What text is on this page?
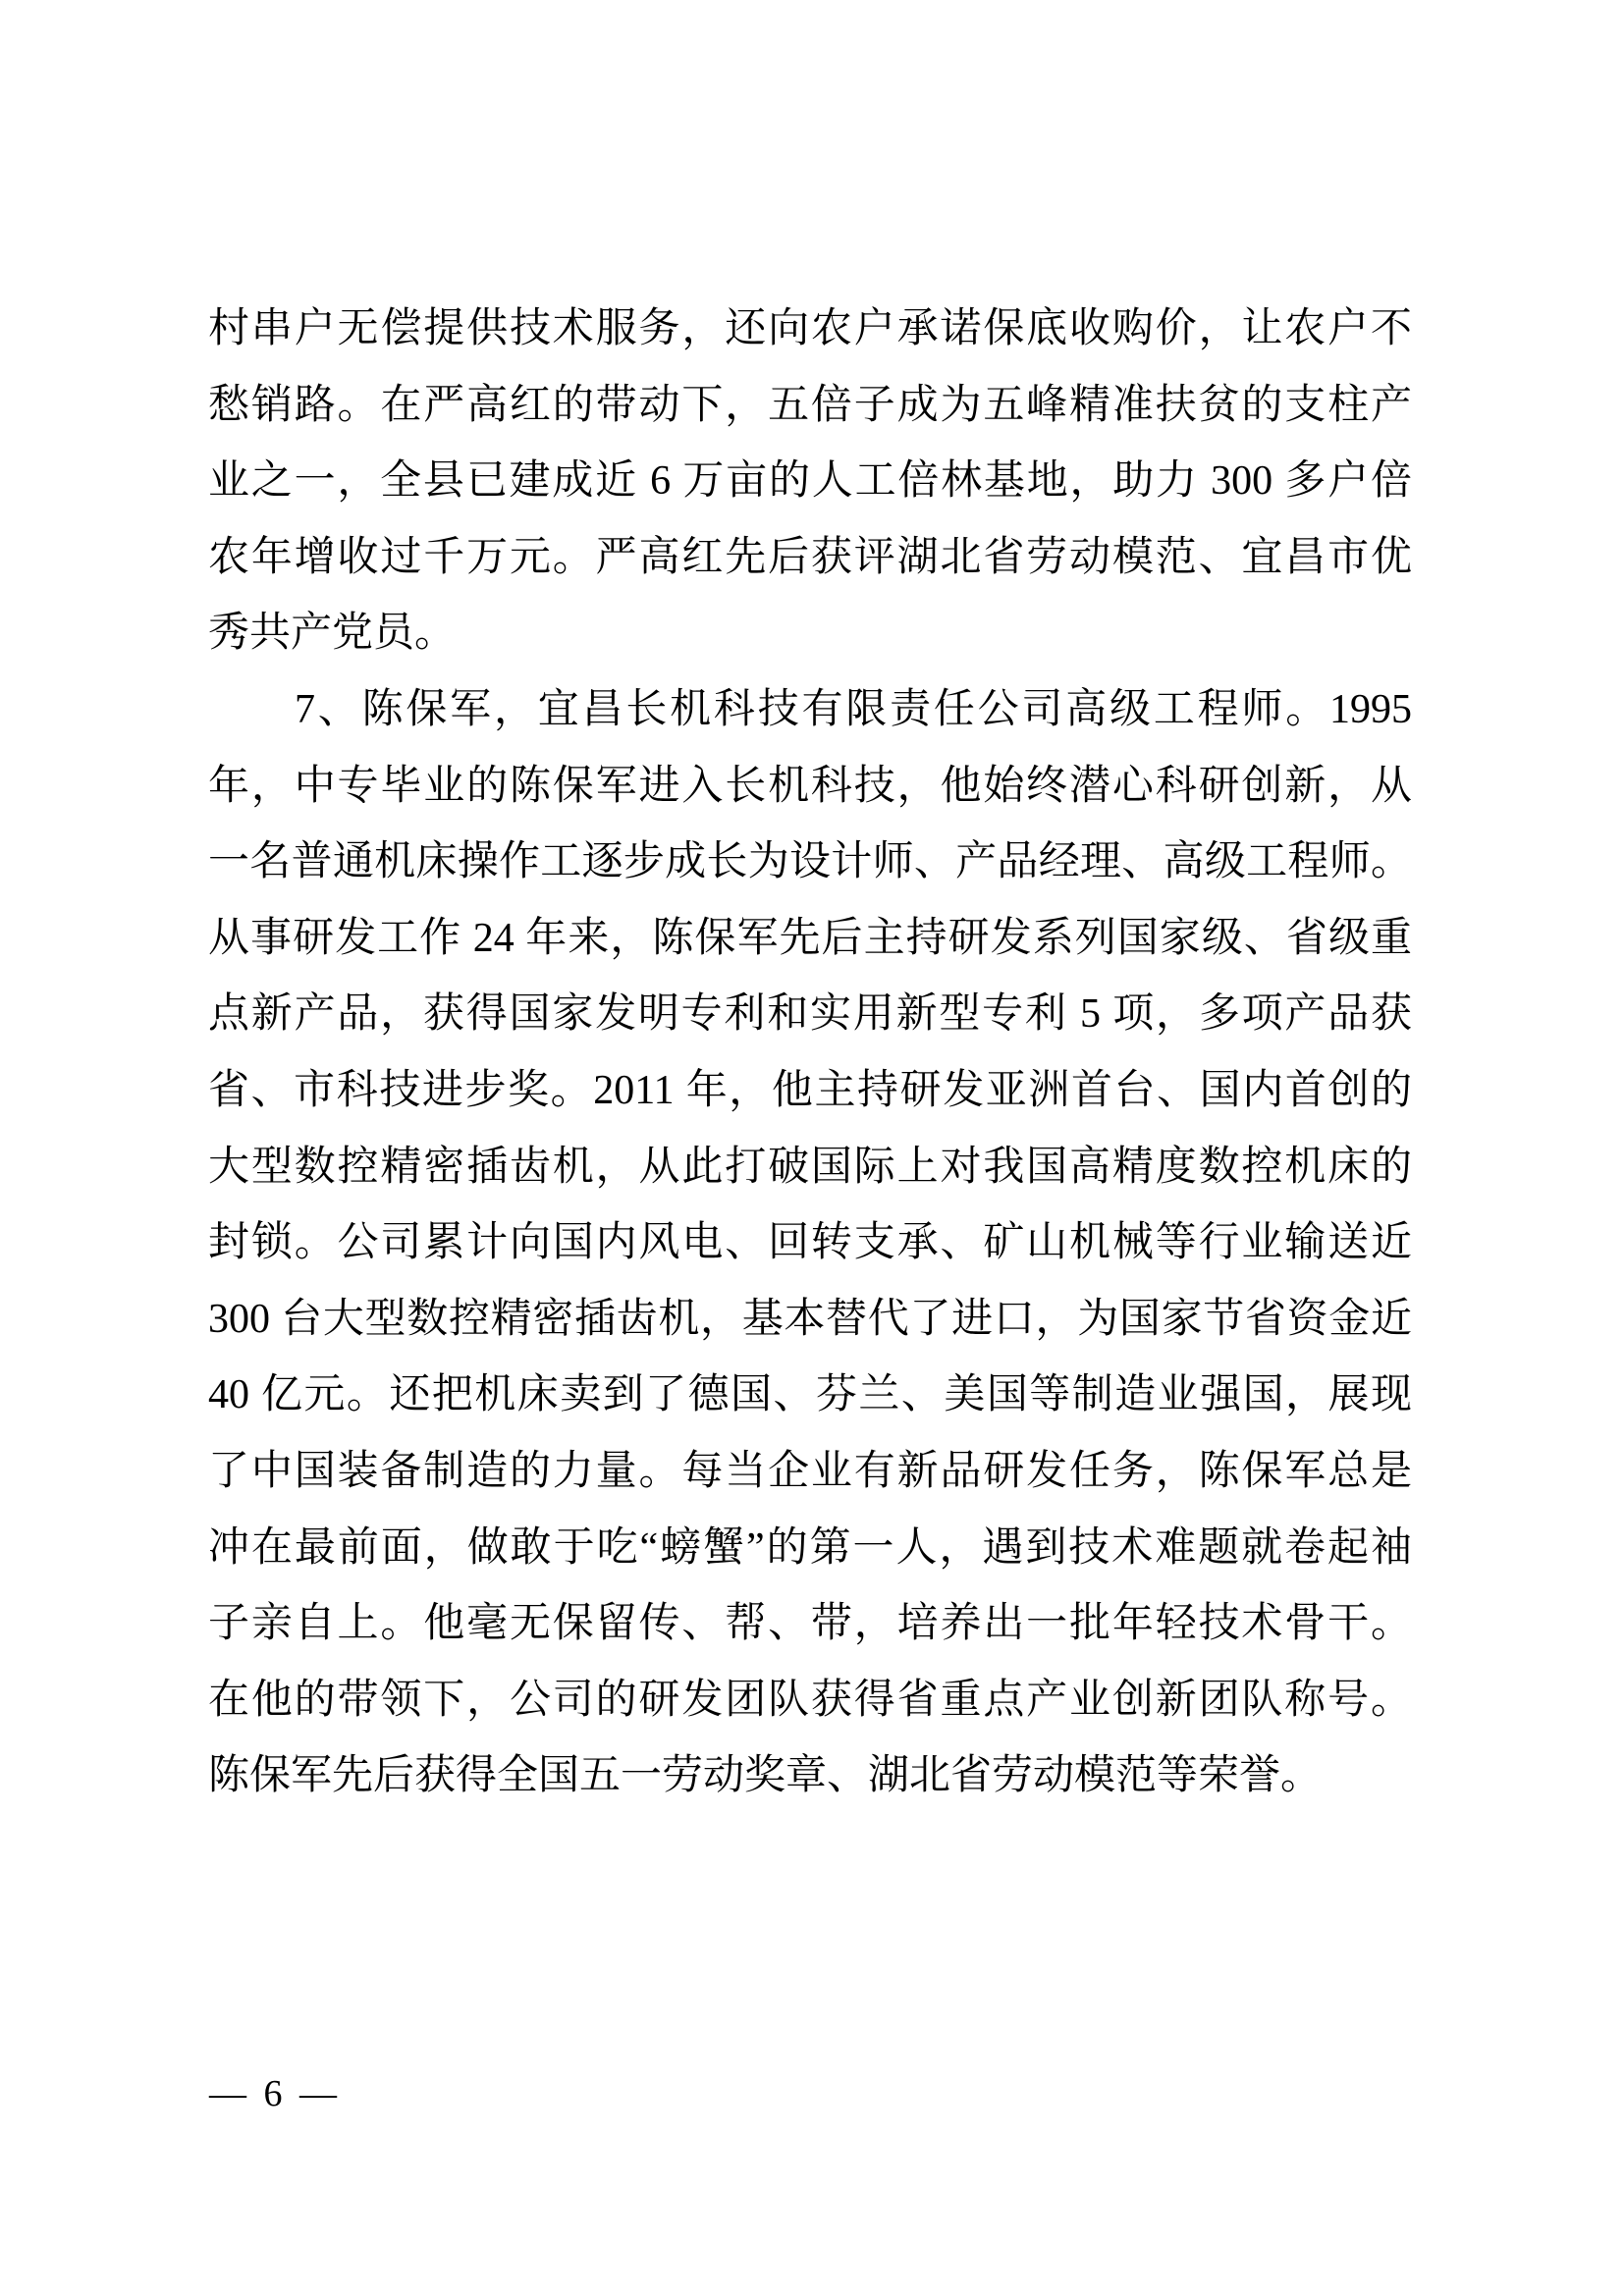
村串户无偿提供技术服务，还向农户承诺保底收购价，让农户不
愁销路。在严高红的带动下，五倍子成为五峰精准扶贫的支柱产
业之一，全县已建成近 6 万亩的人工倍林基地，助力 300 多户倍
农年增收过千万元。严高红先后获评湖北省劳动模范、宜昌市优
秀共产党员。
7、陈保军，宜昌长机科技有限责任公司高级工程师。1995
年，中专毕业的陈保军进入长机科技，他始终潜心科研创新，从
一名普通机床操作工逐步成长为设计师、产品经理、高级工程师。
从事研发工作 24 年来，陈保军先后主持研发系列国家级、省级重
点新产品，获得国家发明专利和实用新型专利 5 项，多项产品获
省、市科技进步奖。2011 年，他主持研发亚洲首台、国内首创的
大型数控精密插齿机，从此打破国际上对我国高精度数控机床的
封锁。公司累计向国内风电、回转支承、矿山机械等行业输送近
300 台大型数控精密插齿机，基本替代了进口，为国家节省资金近
40 亿元。还把机床卖到了德国、芬兰、美国等制造业强国，展现
了中国装备制造的力量。每当企业有新品研发任务，陈保军总是
冲在最前面，做敢于吃“螃蟹”的第一人，遇到技术难题就卷起袖
子亲自上。他毫无保留传、帮、带，培养出一批年轻技术骨干。
在他的带领下，公司的研发团队获得省重点产业创新团队称号。
陈保军先后获得全国五一劳动奖章、湖北省劳动模范等荣誉。
— 6 —
